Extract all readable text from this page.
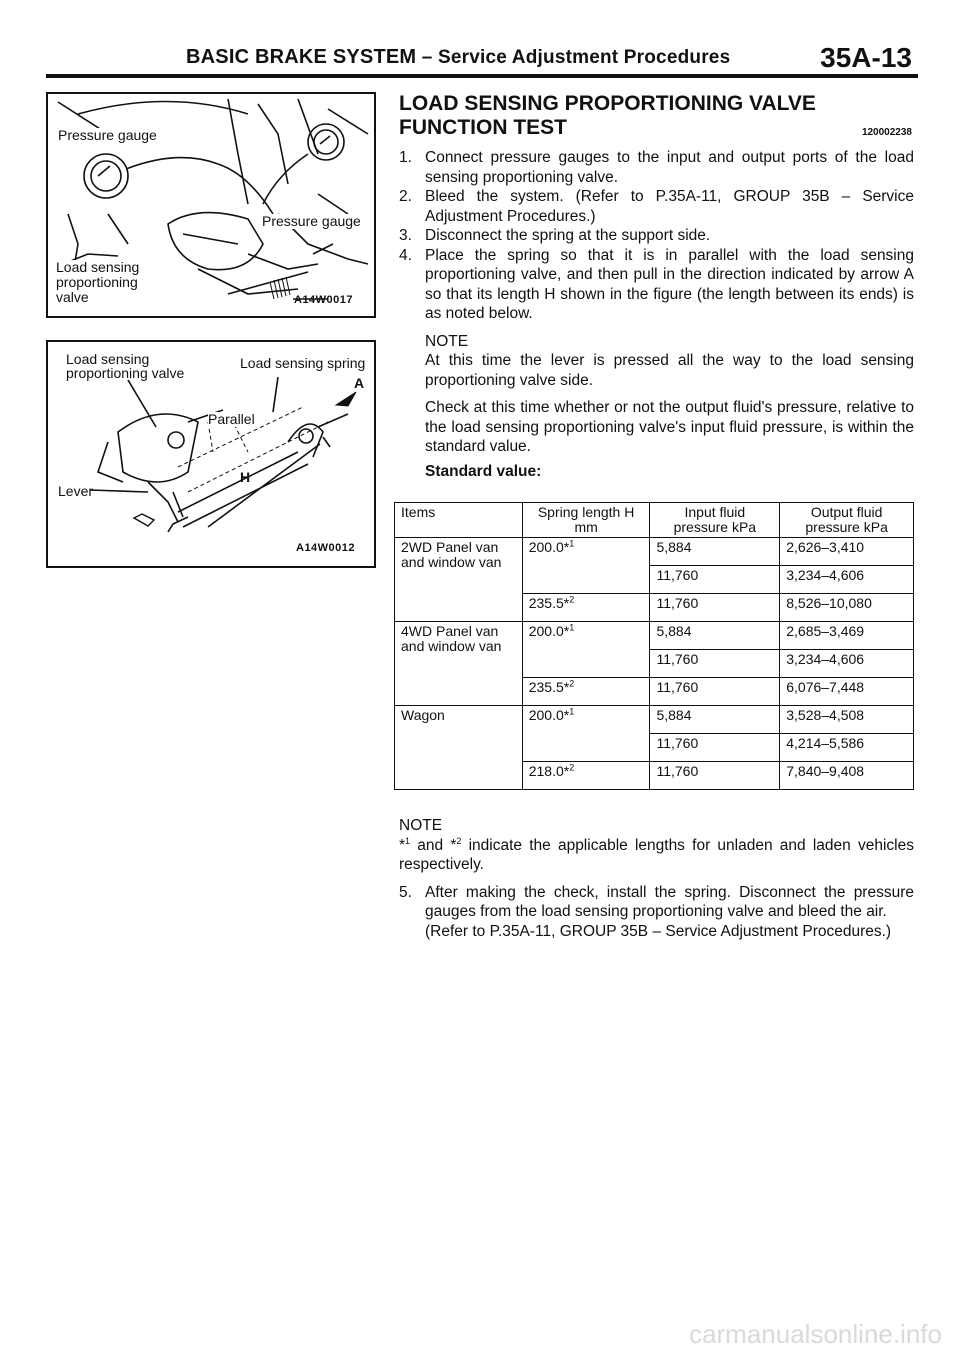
BASIC BRAKE SYSTEM – Service Adjustment Procedures	35A-13
Pressure gauge
Pressure gauge
Load sensing
proportioning
valve	A14W0017
Load sensing
proportioning valve
Load sensing spring
A
Parallel
H
Lever
A14W0012
LOAD SENSING PROPORTIONING VALVE
FUNCTION TEST	120002238
1. Connect pressure gauges to the input and output ports of the load sensing proportioning valve.
2. Bleed the system. (Refer to P.35A-11, GROUP 35B – Service Adjustment Procedures.)
3. Disconnect the spring at the support side.
4. Place the spring so that it is in parallel with the load sensing proportioning valve, and then pull in the direction indicated by arrow A so that its length H shown in the figure (the length between its ends) is as noted below.
NOTE
At this time the lever is pressed all the way to the load sensing proportioning valve side.
Check at this time whether or not the output fluid's pressure, relative to the load sensing proportioning valve's input fluid pressure, is within the standard value.
Standard value:
Items	Spring length H mm	Input fluid pressure kPa	Output fluid pressure kPa
2WD Panel van and window van	200.0*$^1$	5,884	2,626–3,410
		11,760	3,234–4,606
	235.5*$^2$	11,760	8,526–10,080
4WD Panel van and window van	200.0*$^1$	5,884	2,685–3,469
		11,760	3,234–4,606
	235.5*$^2$	11,760	6,076–7,448
Wagon	200.0*$^1$	5,884	3,528–4,508
		11,760	4,214–5,586
	218.0*$^2$	11,760	7,840–9,408
NOTE
*$^1$ and *$^2$ indicate the applicable lengths for unladen and laden vehicles respectively.
5. After making the check, install the spring. Disconnect the pressure gauges from the load sensing proportioning valve and bleed the air.
(Refer to P.35A-11, GROUP 35B – Service Adjustment Procedures.)
carmanualsonline.info
